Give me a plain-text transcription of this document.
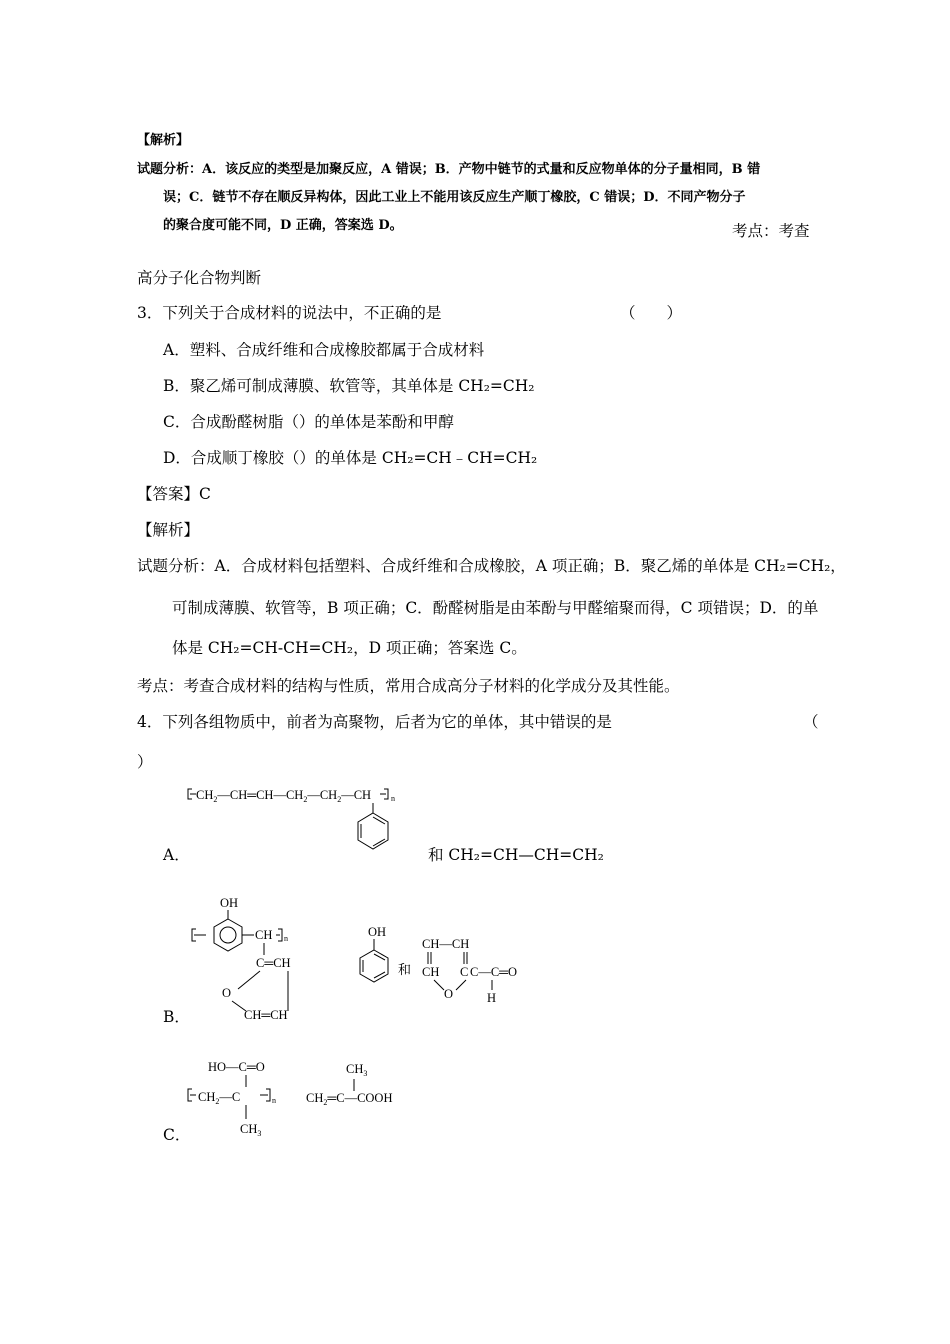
【解析】
试题分析：A．该反应的类型是加聚反应，A 错误；B．产物中链节的式量和反应物单体的分子量相同，B 错
误；C．链节不存在顺反异构体，因此工业上不能用该反应生产顺丁橡胶，C 错误；D．不同产物分子
的聚合度可能不同，D 正确，答案选 D。	考点：考查
高分子化合物判断
3．下列关于合成材料的说法中，不正确的是	（　　）
A．塑料、合成纤维和合成橡胶都属于合成材料
B．聚乙烯可制成薄膜、软管等，其单体是 CH₂=CH₂
C．合成酚醛树脂（）的单体是苯酚和甲醇
D．合成顺丁橡胶（）的单体是 CH₂=CH﹣CH=CH₂
【答案】C
【解析】
试题分析：A．合成材料包括塑料、合成纤维和合成橡胶，A 项正确；B．聚乙烯的单体是 CH₂=CH₂，
可制成薄膜、软管等，B 项正确；C．酚醛树脂是由苯酚与甲醛缩聚而得，C 项错误；D．的单
体是 CH₂=CH-CH=CH₂，D 项正确；答案选 C。
考点：考查合成材料的结构与性质，常用合成高分子材料的化学成分及其性能。
4．下列各组物质中，前者为高聚物，后者为它的单体，其中错误的是	（
）
A．
$CH_2—CH═CH—CH_2—CH_2—CH$ n
和 CH₂=CH—CH=CH₂
B．
OH
CH n
C═CH
O
CH═CH
OH
和
CH—CH
CH C C—C═O
O	H
C．
HO—C═O
$CH_2—C$	n
$CH_3$
$CH_3$
$CH_2═C—COOH$
